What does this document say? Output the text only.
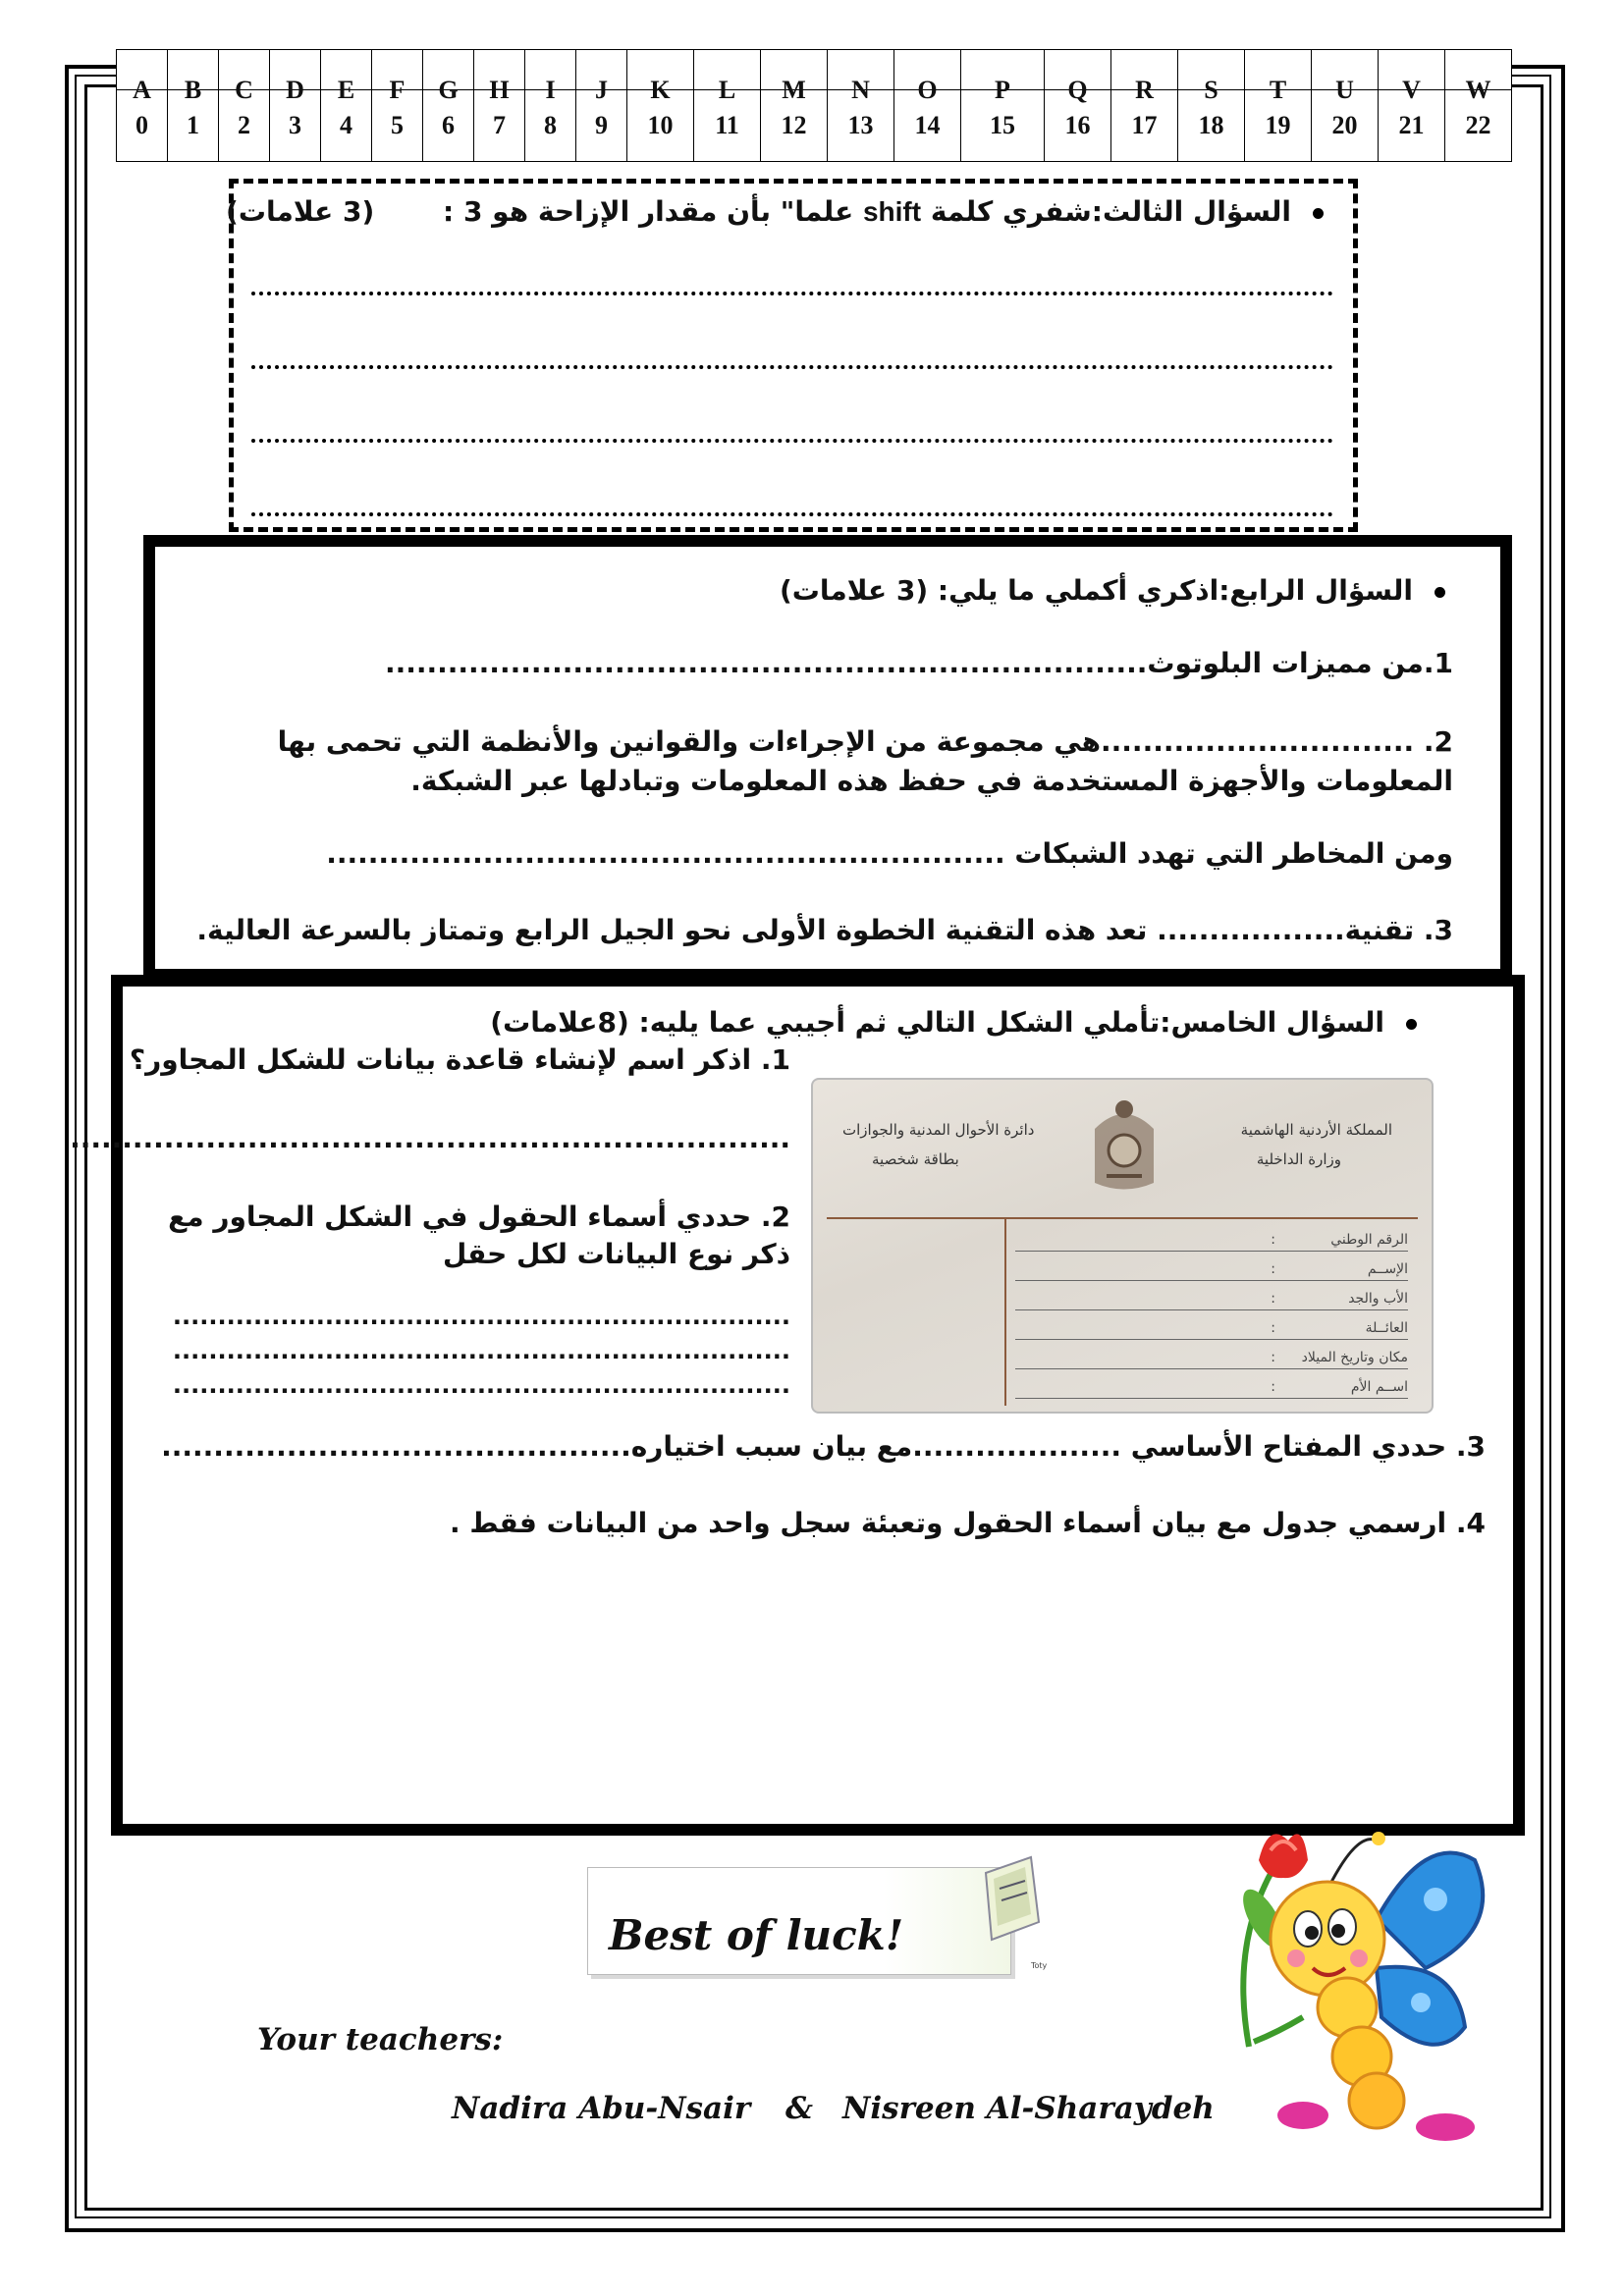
A	B	C	D	E	F	G	H	I	J	K	L	M	N	O	P	Q	R	S	T	U	V	W

0	1	2	3	4	5	6	7	8	9	10	11	12	13	14	15	16	17	18	19	20	21	22
السؤال الثالث:شفري كلمة shift علما" بأن مقدار الإزاحة هو 3 : (3 علامات)
السؤال الرابع:اذكري أكملي ما يلي: (3 علامات)
1.من مميزات البلوتوث.........................................................................
2. ..............................هي مجموعة من الإجراءات والقوانين والأنظمة التي تحمى بها
المعلومات والأجهزة المستخدمة في حفظ هذه المعلومات وتبادلها عبر الشبكة.
ومن المخاطر التي تهدد الشبكات .................................................................
3. تقنية.................. تعد هذه التقنية الخطوة الأولى نحو الجيل الرابع وتمتاز بالسرعة العالية.
السؤال الخامس:تأملي الشكل التالي ثم أجيبي عما يليه: (8علامات)
1. اذكر اسم لإنشاء قاعدة بيانات للشكل المجاور؟
.....................................................................
2. حددي أسماء الحقول في الشكل المجاور مع
ذكر نوع البيانات لكل حقل
.....................................................................
.....................................................................
.....................................................................
3. حددي المفتاح الأساسي ....................مع بيان سبب اختياره.............................................
4. ارسمي جدول مع بيان أسماء الحقول وتعبئة سجل واحد من البيانات فقط .
المملكة الأردنية الهاشمية
وزارة الداخلية
دائرة الأحوال المدنية والجوازات
بطاقة شخصية
الرقم الوطني
:
الإســم
:
الأب والجد
:
العائــلة
:
مكان وتاريخ الميلاد
:
اســم الأم
:
Best of luck!
Toty
Your teachers:
Nadira Abu-Nsair & Nisreen Al-Sharaydeh
